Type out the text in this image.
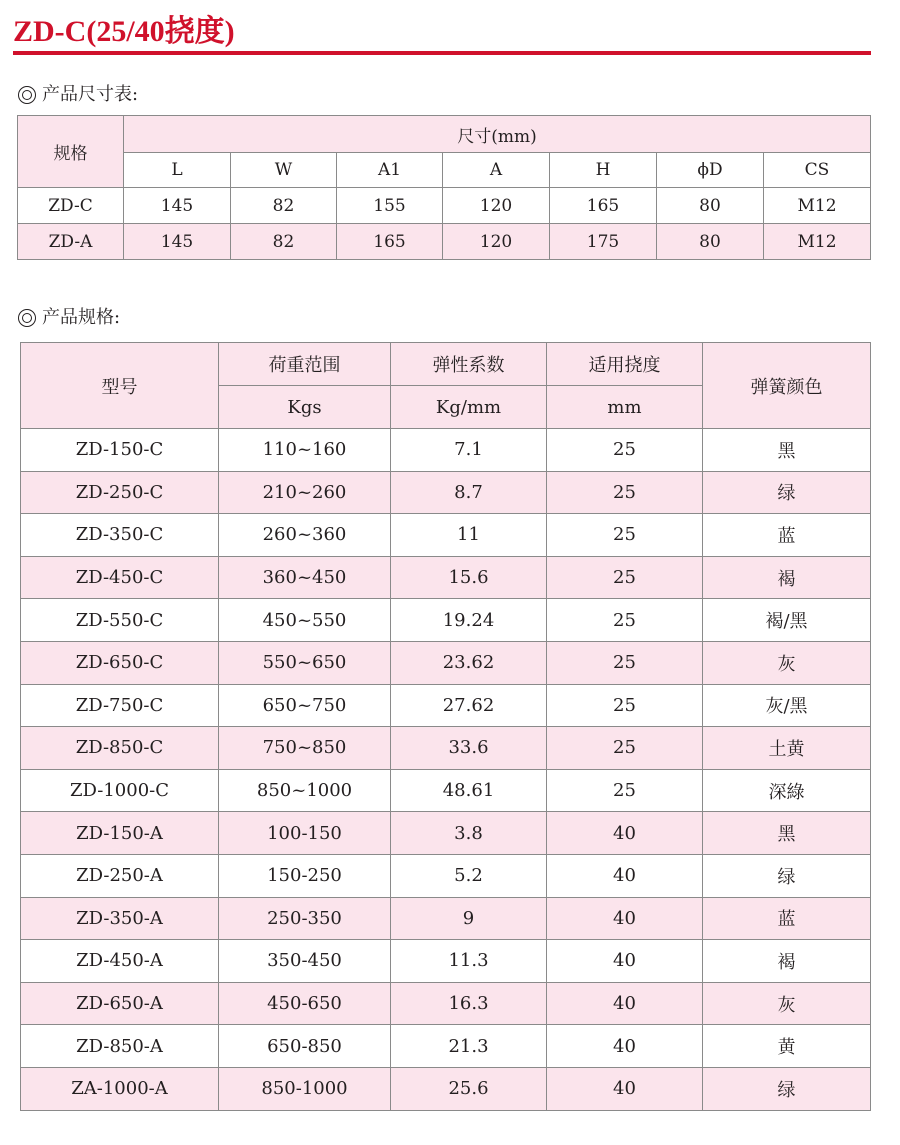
ZD-C(25/40挠度)
产品尺寸表:
规格	尺寸(mm)						
	L	W	A1	A	H	ϕD	CS
ZD-C	145	82	155	120	165	80	M12
ZD-A	145	82	165	120	175	80	M12
产品规格:
型号	荷重范围	弹性系数	适用挠度	弹簧颜色
	Kgs	Kg/mm	mm	
ZD-150-C	110~160	7.1	25	黑
ZD-250-C	210~260	8.7	25	绿
ZD-350-C	260~360	11	25	蓝
ZD-450-C	360~450	15.6	25	褐
ZD-550-C	450~550	19.24	25	褐/黑
ZD-650-C	550~650	23.62	25	灰
ZD-750-C	650~750	27.62	25	灰/黑
ZD-850-C	750~850	33.6	25	土黄
ZD-1000-C	850~1000	48.61	25	深綠
ZD-150-A	100-150	3.8	40	黑
ZD-250-A	150-250	5.2	40	绿
ZD-350-A	250-350	9	40	蓝
ZD-450-A	350-450	11.3	40	褐
ZD-650-A	450-650	16.3	40	灰
ZD-850-A	650-850	21.3	40	黄
ZA-1000-A	850-1000	25.6	40	绿
